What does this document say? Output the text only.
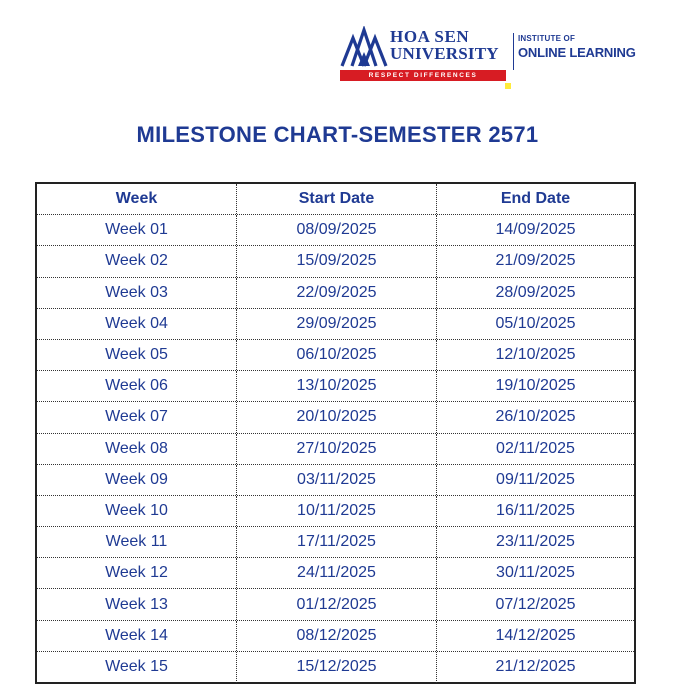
HOA SEN
UNIVERSITY
INSTITUTE OF
ONLINE LEARNING
RESPECT DIFFERENCES
MILESTONE CHART-SEMESTER 2571
Week	Start Date	End Date
Week 01	08/09/2025	14/09/2025
Week 02	15/09/2025	21/09/2025
Week 03	22/09/2025	28/09/2025
Week 04	29/09/2025	05/10/2025
Week 05	06/10/2025	12/10/2025
Week 06	13/10/2025	19/10/2025
Week 07	20/10/2025	26/10/2025
Week 08	27/10/2025	02/11/2025
Week 09	03/11/2025	09/11/2025
Week 10	10/11/2025	16/11/2025
Week 11	17/11/2025	23/11/2025
Week 12	24/11/2025	30/11/2025
Week 13	01/12/2025	07/12/2025
Week 14	08/12/2025	14/12/2025
Week 15	15/12/2025	21/12/2025
